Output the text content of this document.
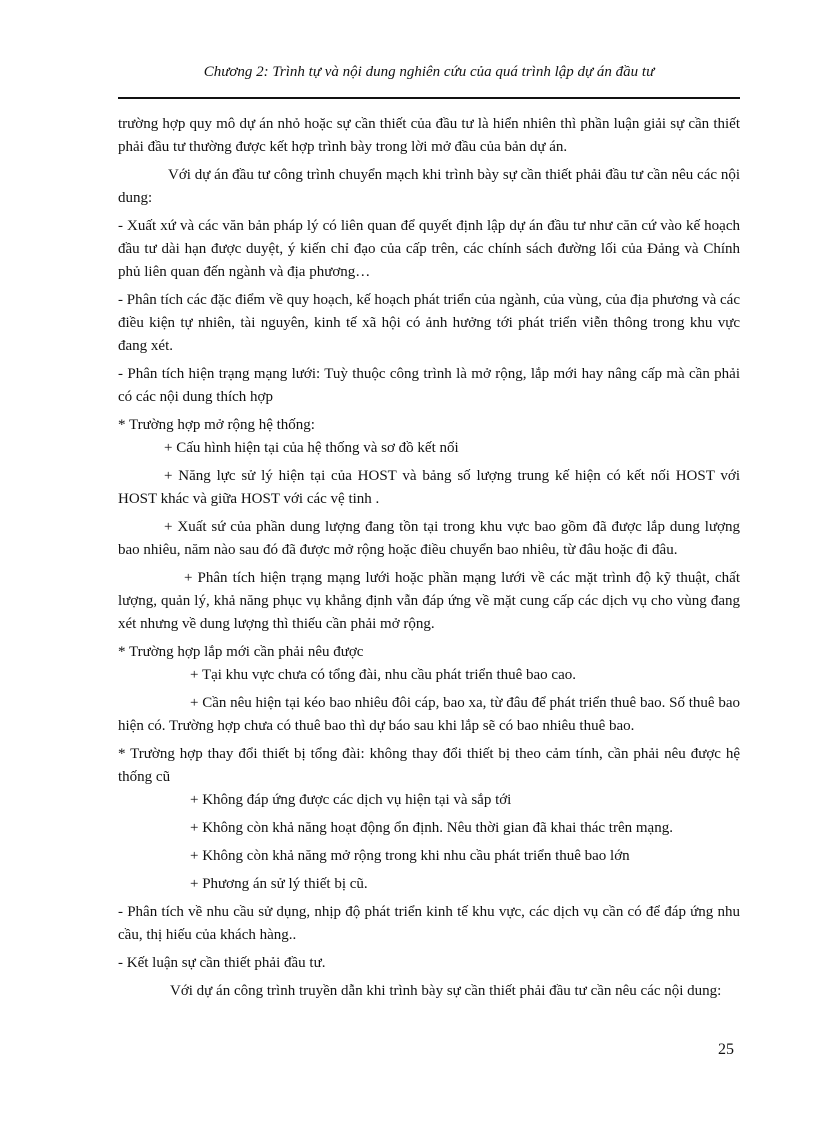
Chương 2: Trình tự và nội dung nghiên cứu của quá trình lập dự án đầu tư

trường hợp quy mô dự án nhỏ hoặc sự cần thiết của đầu tư là hiển nhiên thì phần luận giải sự cần thiết phải đầu tư thường được kết hợp trình bày trong lời mở đầu của bản dự án.

Với dự án đầu tư công trình chuyển mạch khi trình bày sự cần thiết phải đầu tư cần nêu các nội dung:

- Xuất xứ và các văn bản pháp lý có liên quan để quyết định lập dự án đầu tư như căn cứ vào kế hoạch đầu tư dài hạn được duyệt, ý kiến chỉ đạo của cấp trên, các chính sách đường lối của Đảng và Chính phủ liên quan đến ngành và địa phương…

- Phân tích các đặc điểm về quy hoạch, kế hoạch phát triển của ngành, của vùng, của địa phương và các điều kiện tự nhiên, tài nguyên, kinh tế xã hội có ảnh hưởng tới phát triển viễn thông trong khu vực đang xét.

- Phân tích hiện trạng mạng lưới: Tuỳ thuộc công trình là mở rộng, lắp mới hay nâng cấp mà cần phải có các nội dung thích hợp

* Trường hợp mở rộng hệ thống:

+ Cấu hình hiện tại của hệ thống và sơ đồ kết nối

+ Năng lực sử lý hiện tại của HOST và bảng số lượng trung kế hiện có kết nối HOST với HOST khác và giữa HOST với các vệ tinh .

+ Xuất sứ của phần dung lượng đang tồn tại trong khu vực bao gồm đã được lắp dung lượng bao nhiêu, năm nào sau đó đã được mở rộng hoặc điều chuyển bao nhiêu, từ đâu hoặc đi đâu.

+ Phân tích hiện trạng mạng lưới hoặc phần mạng lưới về các mặt trình độ kỹ thuật, chất lượng, quản lý, khả năng phục vụ khẳng định vẫn đáp ứng về mặt cung cấp các dịch vụ cho vùng đang xét nhưng về dung lượng thì thiếu cần phải mở rộng.

* Trường hợp lắp mới cần phải nêu được

+ Tại khu vực chưa có tổng đài, nhu cầu phát triển thuê bao cao.

+ Cần nêu hiện tại kéo bao nhiêu đôi cáp, bao xa, từ đâu để phát triển thuê bao. Số thuê bao hiện có. Trường hợp chưa có thuê bao thì dự báo sau khi lắp sẽ có bao nhiêu thuê bao.

* Trường hợp thay đổi thiết bị tổng đài: không thay đổi thiết bị theo cảm tính, cần phải nêu được hệ thống cũ

+ Không đáp ứng được các dịch vụ hiện tại và sắp tới

+ Không còn khả năng hoạt động ổn định. Nêu thời gian đã khai thác trên mạng.

+ Không còn khả năng mở rộng trong khi nhu cầu phát triển thuê bao lớn

+ Phương án sử lý thiết bị cũ.

- Phân tích về nhu cầu sử dụng, nhịp độ phát triển kinh tế khu vực, các dịch vụ cần có để đáp ứng nhu cầu, thị hiếu của khách hàng..

- Kết luận sự cần thiết phải đầu tư.

Với dự án công trình truyền dẫn khi trình bày sự cần thiết phải đầu tư cần nêu các nội dung:

25
